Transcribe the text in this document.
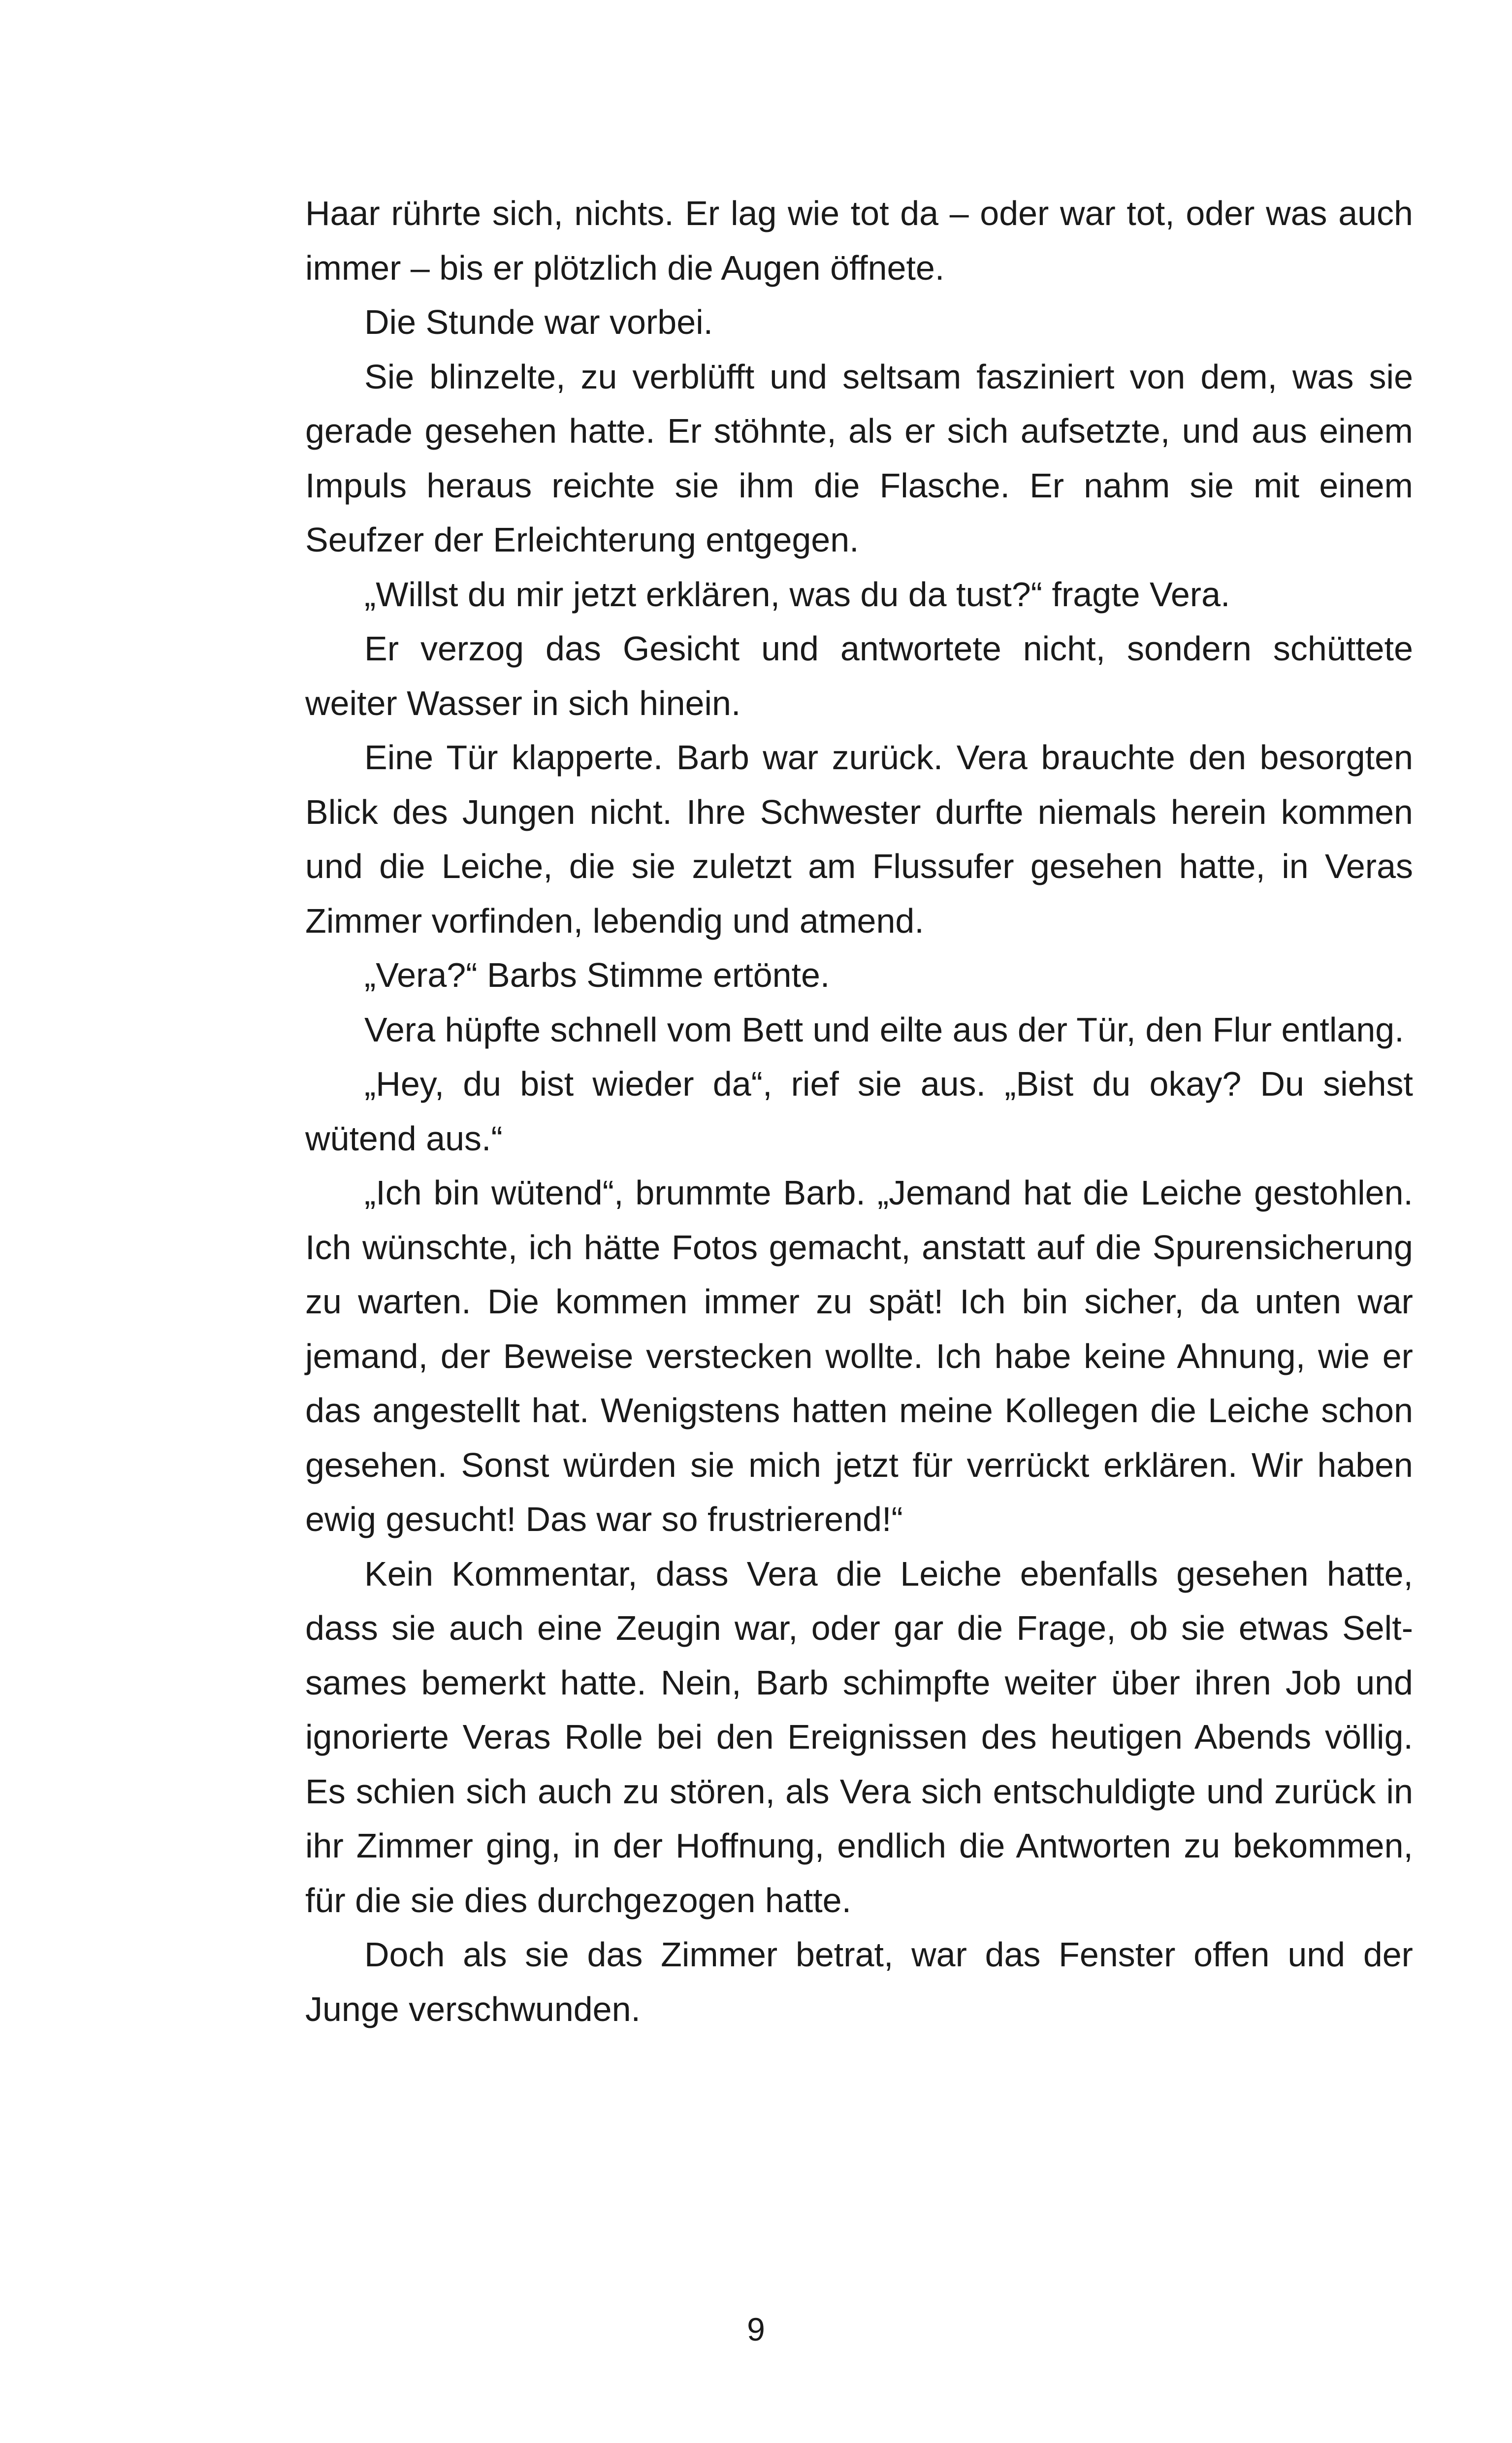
Haar rührte sich, nichts. Er lag wie tot da – oder war tot, oder was auch immer – bis er plötzlich die Augen öffnete.

Die Stunde war vorbei.

Sie blinzelte, zu verblüfft und seltsam fasziniert von dem, was sie gerade gesehen hatte. Er stöhnte, als er sich aufsetzte, und aus einem Impuls heraus reichte sie ihm die Flasche. Er nahm sie mit einem Seufzer der Erleichterung entgegen.

„Willst du mir jetzt erklären, was du da tust?“ fragte Vera.

Er verzog das Gesicht und antwortete nicht, sondern schüttete weiter Wasser in sich hinein.

Eine Tür klapperte. Barb war zurück. Vera brauchte den besorgten Blick des Jungen nicht. Ihre Schwester durfte niemals herein kommen und die Leiche, die sie zuletzt am Flussufer gesehen hatte, in Veras Zimmer vorfinden, lebendig und atmend.

„Vera?“ Barbs Stimme ertönte.

Vera hüpfte schnell vom Bett und eilte aus der Tür, den Flur entlang.

„Hey, du bist wieder da“, rief sie aus. „Bist du okay? Du siehst wütend aus.“

„Ich bin wütend“, brummte Barb. „Jemand hat die Leiche gestohlen. Ich wünschte, ich hätte Fotos gemacht, anstatt auf die Spurensicherung zu warten. Die kommen immer zu spät! Ich bin sicher, da unten war jemand, der Beweise verstecken wollte. Ich habe keine Ahnung, wie er das angestellt hat. Wenigstens hatten meine Kollegen die Leiche schon gesehen. Sonst würden sie mich jetzt für verrückt erklären. Wir haben ewig gesucht! Das war so frustrierend!“

Kein Kommentar, dass Vera die Leiche ebenfalls gesehen hatte, dass sie auch eine Zeugin war, oder gar die Frage, ob sie etwas Seltsames bemerkt hatte. Nein, Barb schimpfte weiter über ihren Job und ignorierte Veras Rolle bei den Ereignissen des heutigen Abends völlig. Es schien sich auch zu stören, als Vera sich entschuldigte und zurück in ihr Zimmer ging, in der Hoffnung, endlich die Antworten zu bekommen, für die sie dies durchgezogen hatte.

Doch als sie das Zimmer betrat, war das Fenster offen und der Junge verschwunden.

9
